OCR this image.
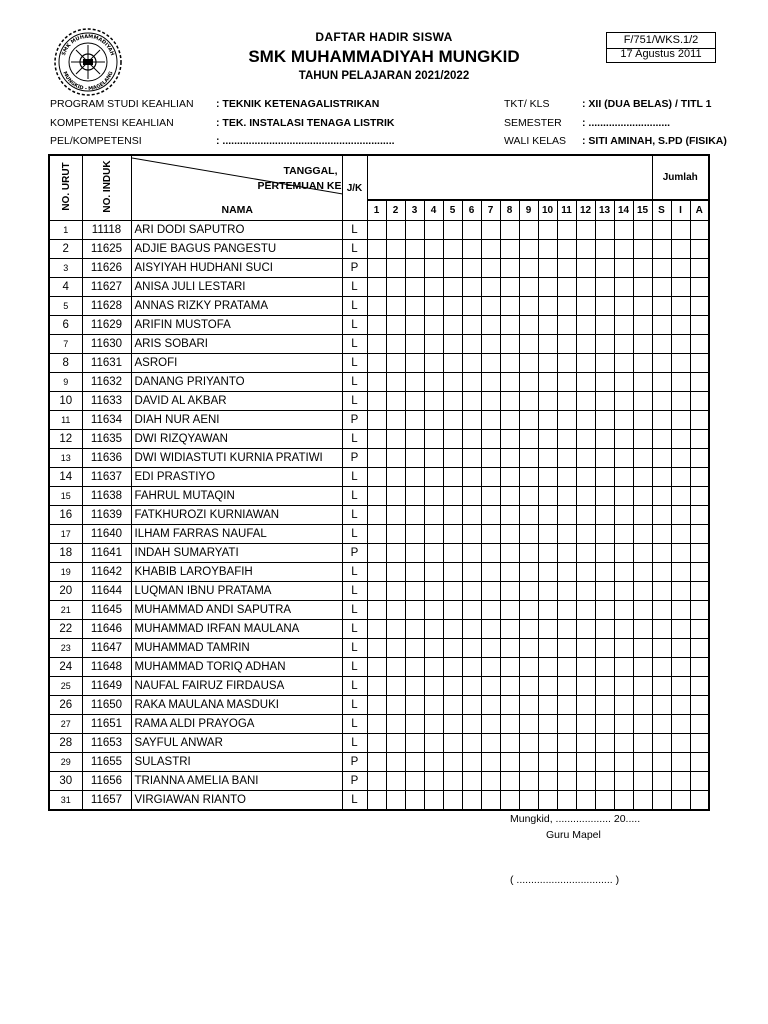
SMK MUHAMMADIYAH
MUNGKID - MAGELANG
DAFTAR HADIR SISWA
SMK MUHAMMADIYAH MUNGKID
TAHUN PELAJARAN 2021/2022
F/751/WKS.1/2
17 Agustus 2011
PROGRAM STUDI KEAHLIAN : TEKNIK KETENAGALISTRIKAN
KOMPETENSI KEAHLIAN	: TEK. INSTALASI TENAGA LISTRIK
PEL/KOMPETENSI	: ...........................................................
TKT/ KLS	: XII (DUA BELAS) / TITL 1
SEMESTER : ............................
WALI KELAS : SITI AMINAH, S.PD (FISIKA)
NO. URUT	NO. INDUK	TANGGAL,
PERTEMUAN KE
NAMA	J/K																Jumlah		
				1	2	3	4	5	6	7	8	9	10	11	12	13	14	15	S	I	A
1	11118	ARI DODI SAPUTRO	L																		
2	11625	ADJIE BAGUS PANGESTU	L																		
3	11626	AISYIYAH HUDHANI SUCI	P																		
4	11627	ANISA JULI LESTARI	L																		
5	11628	ANNAS RIZKY PRATAMA	L																		
6	11629	ARIFIN MUSTOFA	L																		
7	11630	ARIS SOBARI	L																		
8	11631	ASROFI	L																		
9	11632	DANANG PRIYANTO	L																		
10	11633	DAVID AL AKBAR	L																		
11	11634	DIAH NUR AENI	P																		
12	11635	DWI RIZQYAWAN	L																		
13	11636	DWI WIDIASTUTI KURNIA PRATIWI	P																		
14	11637	EDI PRASTIYO	L																		
15	11638	FAHRUL MUTAQIN	L																		
16	11639	FATKHUROZI KURNIAWAN	L																		
17	11640	ILHAM FARRAS NAUFAL	L																		
18	11641	INDAH SUMARYATI	P																		
19	11642	KHABIB LAROYBAFIH	L																		
20	11644	LUQMAN IBNU PRATAMA	L																		
21	11645	MUHAMMAD ANDI SAPUTRA	L																		
22	11646	MUHAMMAD IRFAN MAULANA	L																		
23	11647	MUHAMMAD TAMRIN	L																		
24	11648	MUHAMMAD TORIQ ADHAN	L																		
25	11649	NAUFAL FAIRUZ FIRDAUSA	L																		
26	11650	RAKA MAULANA MASDUKI	L																		
27	11651	RAMA ALDI PRAYOGA	L																		
28	11653	SAYFUL ANWAR	L																		
29	11655	SULASTRI	P																		
30	11656	TRIANNA AMELIA BANI	P																		
31	11657	VIRGIAWAN RIANTO	L																		
Mungkid, ................... 20.....
Guru Mapel
( ................................. )
